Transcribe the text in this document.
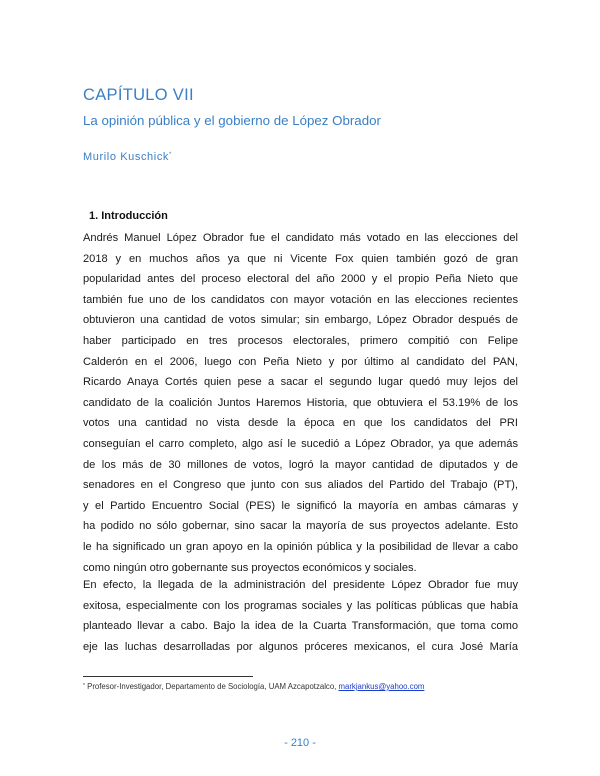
CAPÍTULO VII
La opinión pública y el gobierno de López Obrador
Murilo Kuschick*
1. Introducción
Andrés Manuel López Obrador fue el candidato más votado en las elecciones del
2018 y en muchos años ya que ni Vicente Fox quien también gozó de gran
popularidad antes del proceso electoral del año 2000 y el propio Peña Nieto que
también fue uno de los candidatos con mayor votación en las elecciones recientes
obtuvieron una cantidad de votos simular; sin embargo, López Obrador después de
haber participado en tres procesos electorales, primero compitió con Felipe
Calderón en el 2006, luego con Peña Nieto y por último al candidato del PAN,
Ricardo Anaya Cortés quien pese a sacar el segundo lugar quedó muy lejos del
candidato de la coalición Juntos Haremos Historia, que obtuviera el 53.19% de los
votos una cantidad no vista desde la época en que los candidatos del PRI
conseguían el carro completo, algo así le sucedió a López Obrador, ya que además
de los más de 30 millones de votos, logró la mayor cantidad de diputados y de
senadores en el Congreso que junto con sus aliados del Partido del Trabajo (PT),
y el Partido Encuentro Social (PES) le significó la mayoría en ambas cámaras y
ha podido no sólo gobernar, sino sacar la mayoría de sus proyectos adelante. Esto
le ha significado un gran apoyo en la opinión pública y la posibilidad de llevar a cabo
como ningún otro gobernante sus proyectos económicos y sociales.
En efecto, la llegada de la administración del presidente López Obrador fue muy
exitosa, especialmente con los programas sociales y las políticas públicas que había
planteado llevar a cabo. Bajo la idea de la Cuarta Transformación, que toma como
eje las luchas desarrolladas por algunos próceres mexicanos, el cura José María
* Profesor-Investigador, Departamento de Sociología, UAM Azcapotzalco, markjankus@yahoo.com
- 210 -
